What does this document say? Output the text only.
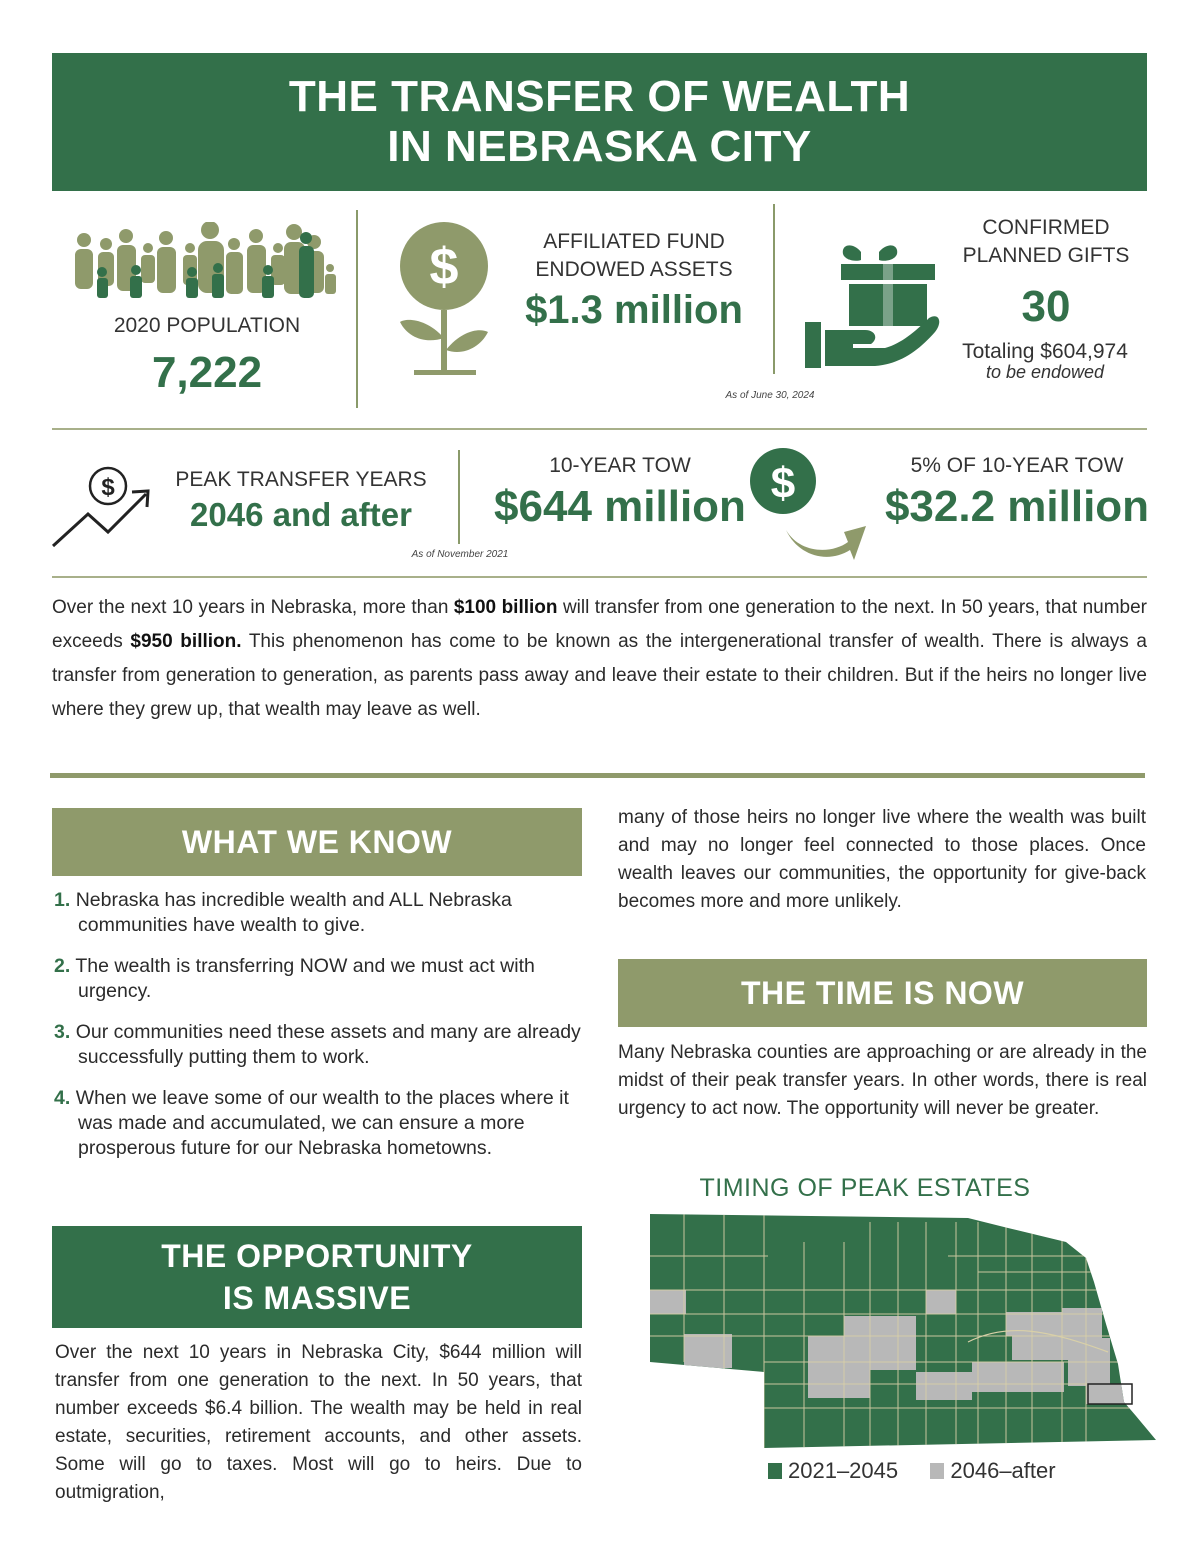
THE TRANSFER OF WEALTH
IN NEBRASKA CITY
2020 POPULATION
7,222
$	AFFILIATED FUND
ENDOWED ASSETS
$1.3 million
As of June 30, 2024
CONFIRMED
PLANNED GIFTS
30
Totaling $604,974
to be endowed
$	PEAK TRANSFER YEARS
2046 and after
As of November 2021
10-YEAR TOW
$644 million $	5% OF 10-YEAR TOW
$32.2 million
Over the next 10 years in Nebraska, more than $100 billion will transfer from one generation to the next. In 50 years, that number exceeds $950 billion. This phenomenon has come to be known as the intergenerational transfer of wealth. There is always a transfer from generation to generation, as parents pass away and leave their estate to their children. But if the heirs no longer live where they grew up, that wealth may leave as well.
WHAT WE KNOW
1. Nebraska has incredible wealth and ALL Nebraska communities have wealth to give.
2. The wealth is transferring NOW and we must act with urgency.
3. Our communities need these assets and many are already successfully putting them to work.
4. When we leave some of our wealth to the places where it was made and accumulated, we can ensure a more prosperous future for our Nebraska hometowns.
THE OPPORTUNITY
IS MASSIVE
Over the next 10 years in Nebraska City, $644 million will transfer from one generation to the next. In 50 years, that number exceeds $6.4 billion. The wealth may be held in real estate, securities, retirement accounts, and other assets. Some will go to taxes. Most will go to heirs. Due to outmigration,
many of those heirs no longer live where the wealth was built and may no longer feel connected to those places. Once wealth leaves our communities, the opportunity for give-back becomes more and more unlikely.
THE TIME IS NOW
Many Nebraska counties are approaching or are already in the midst of their peak transfer years. In other words, there is real urgency to act now. The opportunity will never be greater.
TIMING OF PEAK ESTATES
2021–2045 2046–after
